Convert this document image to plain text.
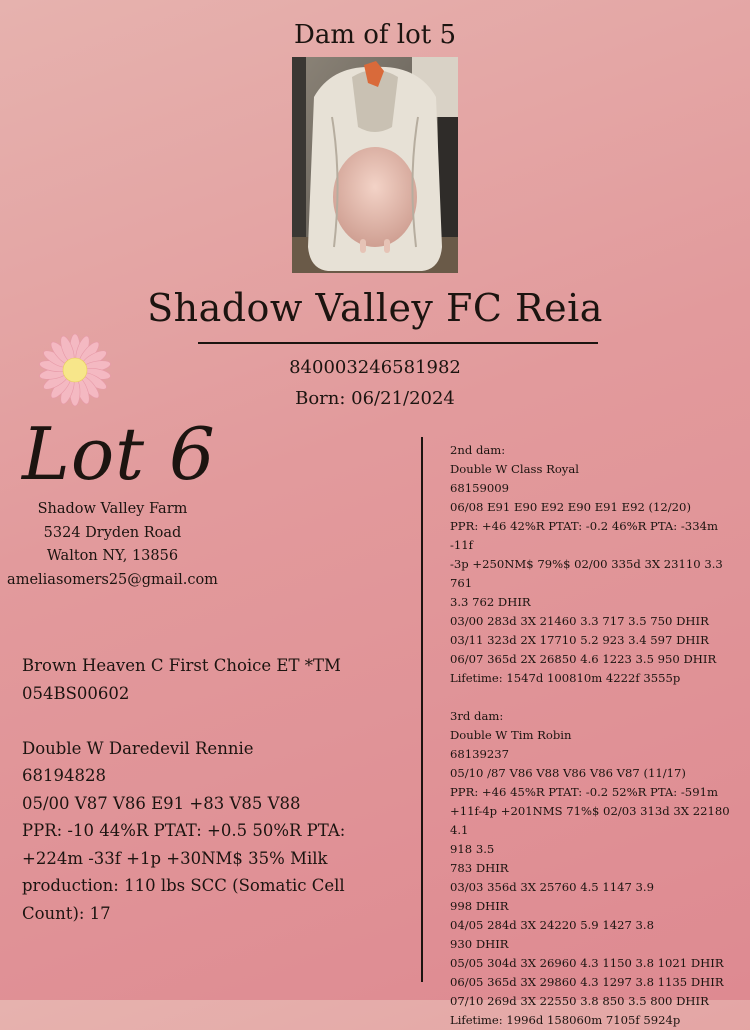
Dam of lot 5
Shadow Valley FC Reia
840003246581982
Born: 06/21/2024
Lot 6
Shadow Valley Farm
5324 Dryden Road
Walton NY, 13856
ameliasomers25@gmail.com

Brown Heaven C First Choice ET *TM

054BS00602

Double W Daredevil Rennie

68194828

05/00 V87 V86 E91 +83 V85 V88

PPR: -10 44%R PTAT: +0.5 50%R PTA:

+224m -33f +1p +30NM$ 35% Milk

production: 110 lbs SCC (Somatic Cell

Count): 17

2nd dam:

Double W Class Royal

68159009

06/08 E91 E90 E92 E90 E91 E92 (12/20)

PPR: +46 42%R PTAT: -0.2 46%R PTA: -334m -11f

-3p +250NM$ 79%$ 02/00 335d 3X 23110 3.3 761

3.3 762 DHIR

03/00 283d 3X 21460 3.3 717 3.5 750 DHIR

03/11 323d 2X 17710 5.2 923 3.4 597 DHIR

06/07 365d 2X 26850 4.6 1223 3.5 950 DHIR

Lifetime: 1547d 100810m 4222f 3555p

3rd dam:

Double W Tim Robin

68139237

05/10 /87 V86 V88 V86 V86 V87 (11/17)

PPR: +46 45%R PTAT: -0.2 52%R PTA: -591m

+11f-4p +201NMS 71%$ 02/03 313d 3X 22180 4.1

918 3.5

783 DHIR

03/03 356d 3X 25760 4.5 1147 3.9

998 DHIR

04/05 284d 3X 24220 5.9 1427 3.8

930 DHIR

05/05 304d 3X 26960 4.3 1150 3.8 1021 DHIR

06/05 365d 3X 29860 4.3 1297 3.8 1135 DHIR

07/10 269d 3X 22550 3.8 850 3.5 800 DHIR

Lifetime: 1996d 158060m 7105f 5924p
